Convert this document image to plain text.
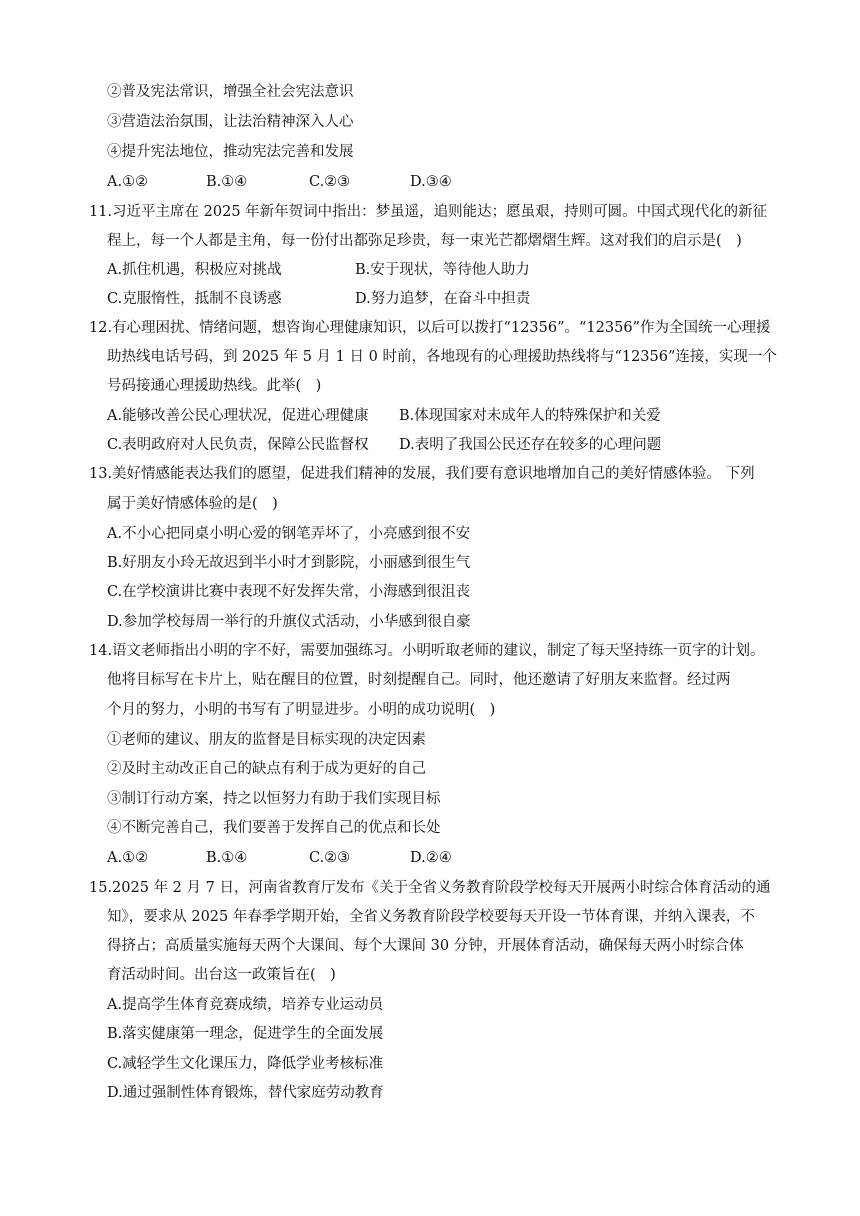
②普及宪法常识，增强全社会宪法意识
③营造法治氛围，让法治精神深入人心
④提升宪法地位，推动宪法完善和发展
A.①②	B.①④	C.②③	D.③④
11.习近平主席在 2025 年新年贺词中指出：梦虽遥，追则能达；愿虽艰，持则可圆。中国式现代化的新征
程上，每一个人都是主角，每一份付出都弥足珍贵，每一束光芒都熠熠生辉。这对我们的启示是(　)
A.抓住机遇，积极应对挑战	B.安于现状，等待他人助力
C.克服惰性，抵制不良诱惑	D.努力追梦，在奋斗中担责
12.有心理困扰、情绪问题，想咨询心理健康知识，以后可以拨打“12356”。“12356”作为全国统一心理援
助热线电话号码，到 2025 年 5 月 1 日 0 时前，各地现有的心理援助热线将与“12356”连接，实现一个
号码接通心理援助热线。此举(　)
A.能够改善公民心理状况，促进心理健康 B.体现国家对未成年人的特殊保护和关爱
C.表明政府对人民负责，保障公民监督权 D.表明了我国公民还存在较多的心理问题
13.美好情感能表达我们的愿望，促进我们精神的发展，我们要有意识地增加自己的美好情感体验。 下列
属于美好情感体验的是(　)
A.不小心把同桌小明心爱的钢笔弄坏了，小亮感到很不安
B.好朋友小玲无故迟到半小时才到影院，小丽感到很生气
C.在学校演讲比赛中表现不好发挥失常，小海感到很沮丧
D.参加学校每周一举行的升旗仪式活动，小华感到很自豪
14.语文老师指出小明的字不好，需要加强练习。小明听取老师的建议，制定了每天坚持练一页字的计划。
他将目标写在卡片上，贴在醒目的位置，时刻提醒自己。同时，他还邀请了好朋友来监督。经过两
个月的努力，小明的书写有了明显进步。小明的成功说明(　)
①老师的建议、朋友的监督是目标实现的决定因素
②及时主动改正自己的缺点有利于成为更好的自己
③制订行动方案，持之以恒努力有助于我们实现目标
④不断完善自己，我们要善于发挥自己的优点和长处
A.①②	B.①④	C.②③	D.②④
15.2025 年 2 月 7 日，河南省教育厅发布《关于全省义务教育阶段学校每天开展两小时综合体育活动的通
知》，要求从 2025 年春季学期开始，全省义务教育阶段学校要每天开设一节体育课，并纳入课表，不
得挤占；高质量实施每天两个大课间、每个大课间 30 分钟，开展体育活动，确保每天两小时综合体
育活动时间。出台这一政策旨在(　)
A.提高学生体育竞赛成绩，培养专业运动员
B.落实健康第一理念，促进学生的全面发展
C.减轻学生文化课压力，降低学业考核标准
D.通过强制性体育锻炼，替代家庭劳动教育
